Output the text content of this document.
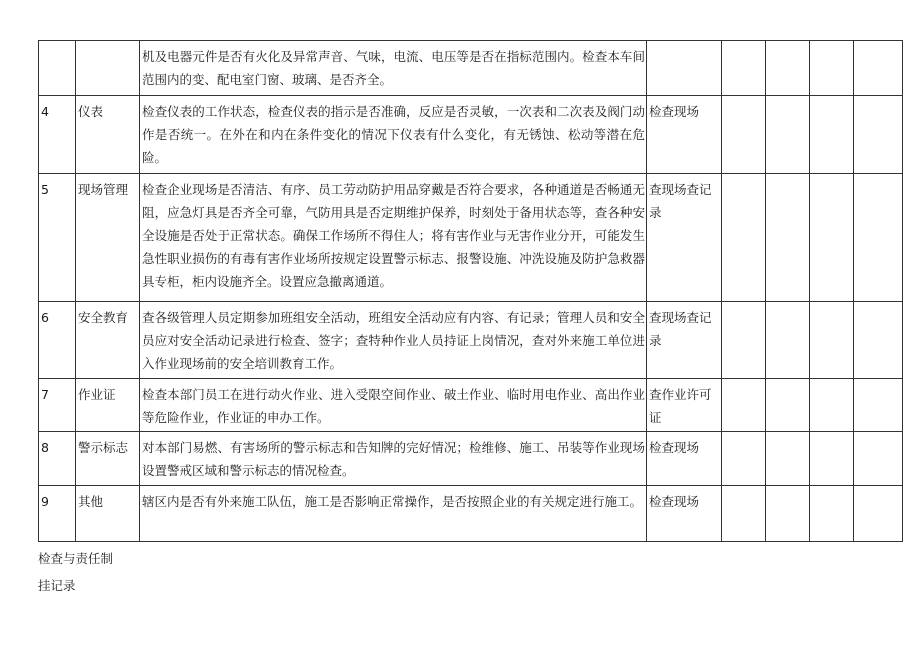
		机及电器元件是否有火化及异常声音、气味，电流、电压等是否在指标范围内。检查本车间范围内的变、配电室门窗、玻璃、是否齐全。					
4	仪表	检查仪表的工作状态，检查仪表的指示是否准确，反应是否灵敏，一次表和二次表及阀门动作是否统一。在外在和内在条件变化的情况下仪表有什么变化，有无锈蚀、松动等潜在危险。	检查现场				
5	现场管理	检查企业现场是否清洁、有序、员工劳动防护用品穿戴是否符合要求，各种通道是否畅通无阻，应急灯具是否齐全可靠，气防用具是否定期维护保养，时刻处于备用状态等，查各种安全设施是否处于正常状态。确保工作场所不得住人；将有害作业与无害作业分开，可能发生急性职业损伤的有毒有害作业场所按规定设置警示标志、报警设施、冲洗设施及防护急救器具专柜，柜内设施齐全。设置应急撤离通道。	查现场查记录				
6	安全教育	查各级管理人员定期参加班组安全活动，班组安全活动应有内容、有记录；管理人员和安全员应对安全活动记录进行检查、签字；查特种作业人员持证上岗情况，查对外来施工单位进入作业现场前的安全培训教育工作。	查现场查记录				
7	作业证	检查本部门员工在进行动火作业、进入受限空间作业、破土作业、临时用电作业、高出作业等危险作业，作业证的申办工作。	查作业许可证				
8	警示标志	对本部门易燃、有害场所的警示标志和告知牌的完好情况；检维修、施工、吊装等作业现场设置警戒区域和警示标志的情况检查。	检查现场				
9	其他	辖区内是否有外来施工队伍，施工是否影响正常操作，是否按照企业的有关规定进行施工。	检查现场				
检查与责任制
挂记录
